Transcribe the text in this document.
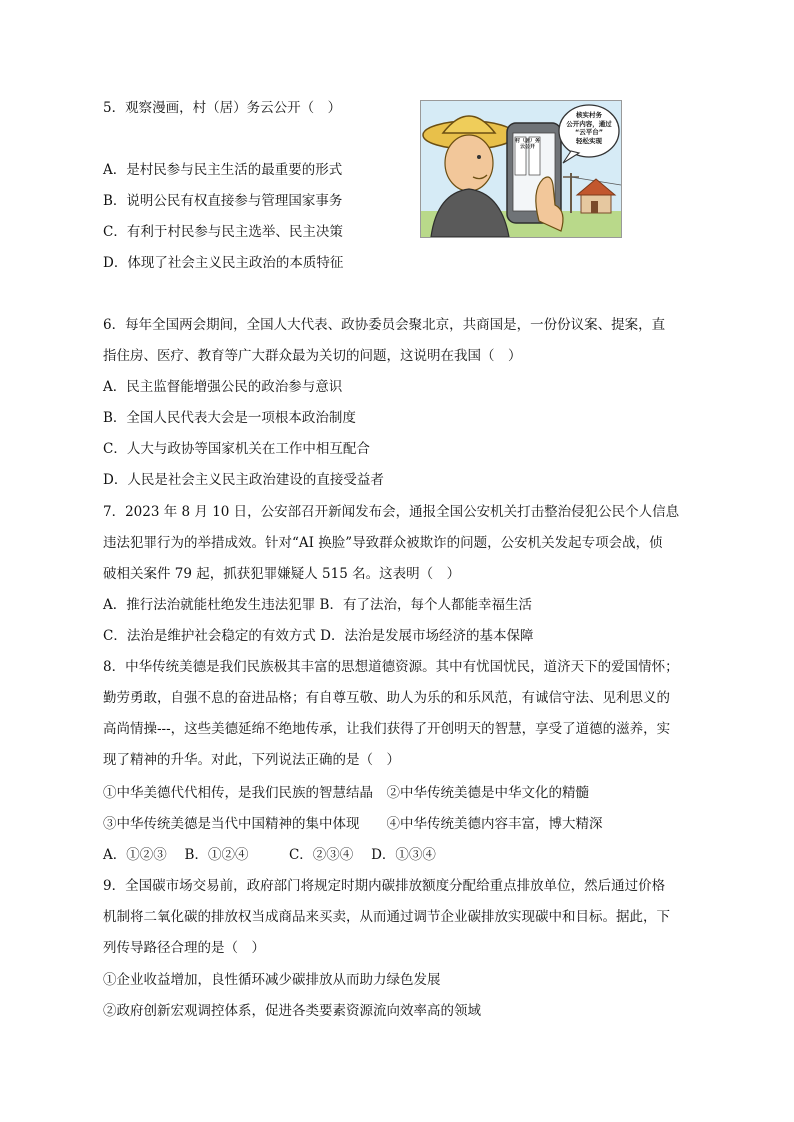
5．观察漫画，村（居）务云公开（　）
村（居）务云公开
核实村务
公开内容，通过
“云平台”
轻松实现
A．是村民参与民主生活的最重要的形式
B．说明公民有权直接参与管理国家事务
C．有利于村民参与民主选举、民主决策
D．体现了社会主义民主政治的本质特征
6．每年全国两会期间，全国人大代表、政协委员会聚北京，共商国是，一份份议案、提案，直
指住房、医疗、教育等广大群众最为关切的问题，这说明在我国（　）
A．民主监督能增强公民的政治参与意识
B．全国人民代表大会是一项根本政治制度
C．人大与政协等国家机关在工作中相互配合
D．人民是社会主义民主政治建设的直接受益者
7．2023 年 8 月 10 日，公安部召开新闻发布会，通报全国公安机关打击整治侵犯公民个人信息
违法犯罪行为的举措成效。针对“AI 换脸”导致群众被欺诈的问题，公安机关发起专项会战，侦
破相关案件 79 起，抓获犯罪嫌疑人 515 名。这表明（　）
A．推行法治就能杜绝发生违法犯罪 B．有了法治，每个人都能幸福生活
C．法治是维护社会稳定的有效方式 D．法治是发展市场经济的基本保障
8．中华传统美德是我们民族极其丰富的思想道德资源。其中有忧国忧民，道济天下的爱国情怀；
勤劳勇敢，自强不息的奋进品格；有自尊互敬、助人为乐的和乐风范，有诚信守法、见利思义的
高尚情操---，这些美德延绵不绝地传承，让我们获得了开创明天的智慧，享受了道德的滋养，实
现了精神的升华。对此，下列说法正确的是（　）
①中华美德代代相传，是我们民族的智慧结晶　②中华传统美德是中华文化的精髓
③中华传统美德是当代中国精神的集中体现　　④中华传统美德内容丰富，博大精深
A．①②③　 B．①②④　　　C．②③④　 D．①③④
9．全国碳市场交易前，政府部门将规定时期内碳排放额度分配给重点排放单位，然后通过价格
机制将二氧化碳的排放权当成商品来买卖，从而通过调节企业碳排放实现碳中和目标。据此，下
列传导路径合理的是（　）
①企业收益增加，良性循环减少碳排放从而助力绿色发展
②政府创新宏观调控体系，促进各类要素资源流向效率高的领域
